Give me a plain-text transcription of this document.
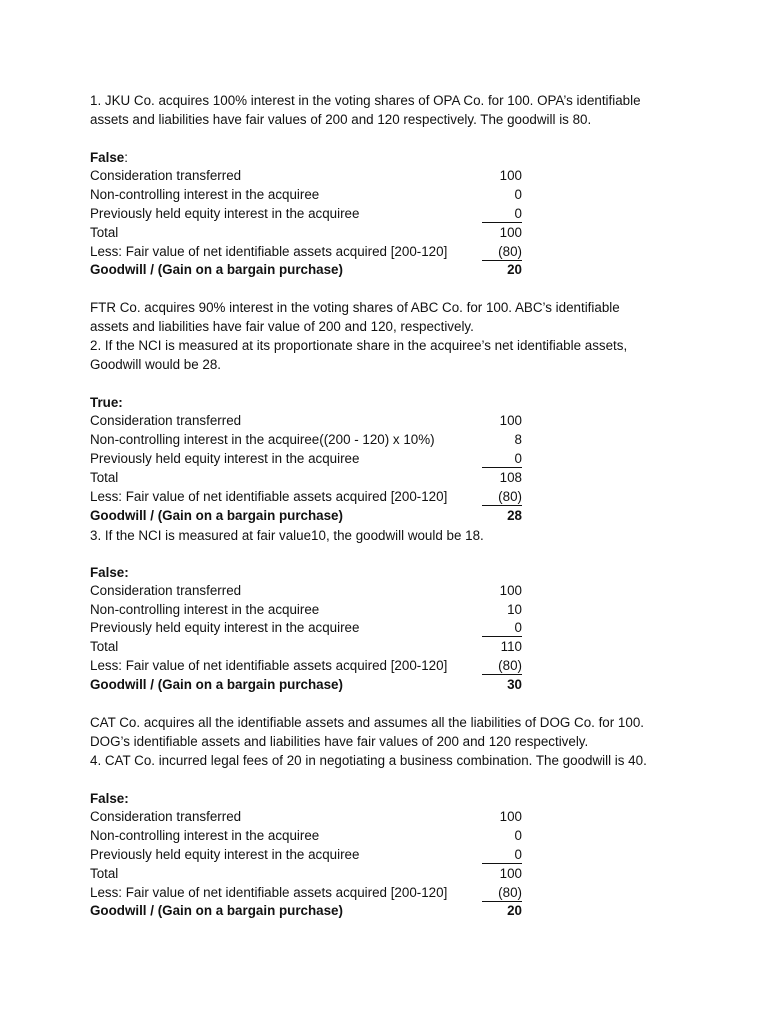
1. JKU Co. acquires 100% interest in the voting shares of OPA Co. for 100. OPA’s identifiable
assets and liabilities have fair values of 200 and 120 respectively. The goodwill is 80.

False:
Consideration transferred	100
Non-controlling interest in the acquiree	0
Previously held equity interest in the acquiree	0
Total	100
Less: Fair value of net identifiable assets acquired [200-120]	(80)
Goodwill / (Gain on a bargain purchase)	20

FTR Co. acquires 90% interest in the voting shares of ABC Co. for 100. ABC’s identifiable
assets and liabilities have fair value of 200 and 120, respectively.

2. If the NCI is measured at its proportionate share in the acquiree’s net identifiable assets,
Goodwill would be 28.

True:
Consideration transferred	100
Non-controlling interest in the acquiree((200 - 120) x 10%)	8
Previously held equity interest in the acquiree	0
Total	108
Less: Fair value of net identifiable assets acquired [200-120]	(80)
Goodwill / (Gain on a bargain purchase)	28

3. If the NCI is measured at fair value10, the goodwill would be 18.

False:
Consideration transferred	100
Non-controlling interest in the acquiree	10
Previously held equity interest in the acquiree	0
Total	110
Less: Fair value of net identifiable assets acquired [200-120]	(80)
Goodwill / (Gain on a bargain purchase)	30

CAT Co. acquires all the identifiable assets and assumes all the liabilities of DOG Co. for 100.
DOG’s identifiable assets and liabilities have fair values of 200 and 120 respectively.

4. CAT Co. incurred legal fees of 20 in negotiating a business combination. The goodwill is 40.

False:
Consideration transferred	100
Non-controlling interest in the acquiree	0
Previously held equity interest in the acquiree	0
Total	100
Less: Fair value of net identifiable assets acquired [200-120]	(80)
Goodwill / (Gain on a bargain purchase)	20
